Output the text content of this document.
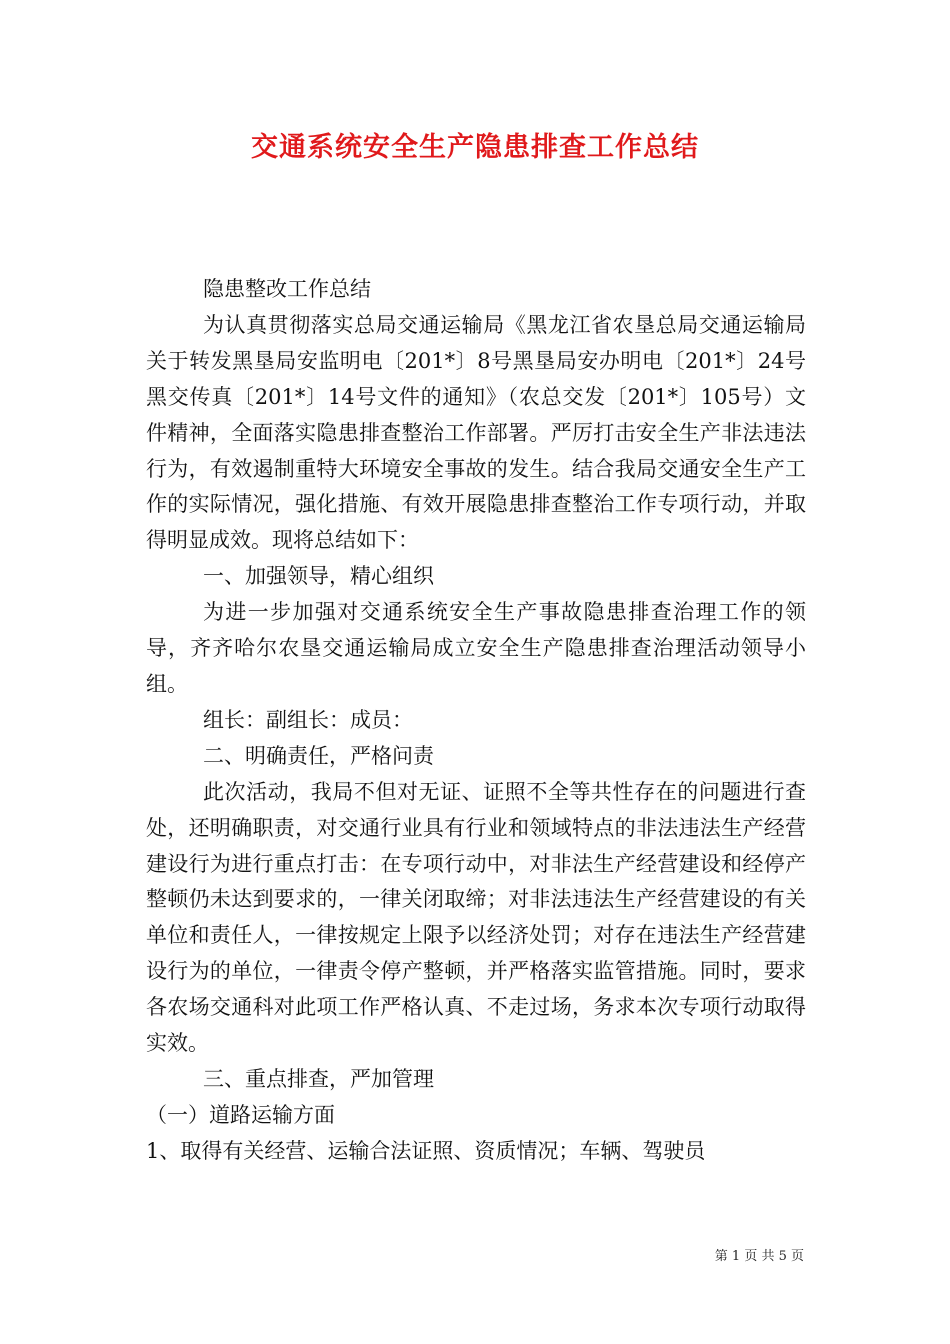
交通系统安全生产隐患排查工作总结

隐患整改工作总结

为认真贯彻落实总局交通运输局《黑龙江省农垦总局交通运输局关于转发黑垦局安监明电〔201*〕8号黑垦局安办明电〔201*〕24号黑交传真〔201*〕14号文件的通知》（农总交发〔201*〕105号）文件精神，全面落实隐患排查整治工作部署。严厉打击安全生产非法违法行为，有效遏制重特大环境安全事故的发生。结合我局交通安全生产工作的实际情况，强化措施、有效开展隐患排查整治工作专项行动，并取得明显成效。现将总结如下：

一、加强领导，精心组织

为进一步加强对交通系统安全生产事故隐患排查治理工作的领导，齐齐哈尔农垦交通运输局成立安全生产隐患排查治理活动领导小组。

组长：副组长：成员：

二、明确责任，严格问责

此次活动，我局不但对无证、证照不全等共性存在的问题进行查处，还明确职责，对交通行业具有行业和领域特点的非法违法生产经营建设行为进行重点打击：在专项行动中，对非法生产经营建设和经停产整顿仍未达到要求的，一律关闭取缔；对非法违法生产经营建设的有关单位和责任人，一律按规定上限予以经济处罚；对存在违法生产经营建设行为的单位，一律责令停产整顿，并严格落实监管措施。同时，要求各农场交通科对此项工作严格认真、不走过场，务求本次专项行动取得实效。

三、重点排查，严加管理

（一）道路运输方面

1、取得有关经营、运输合法证照、资质情况；车辆、驾驶员

第 1 页 共 5 页
